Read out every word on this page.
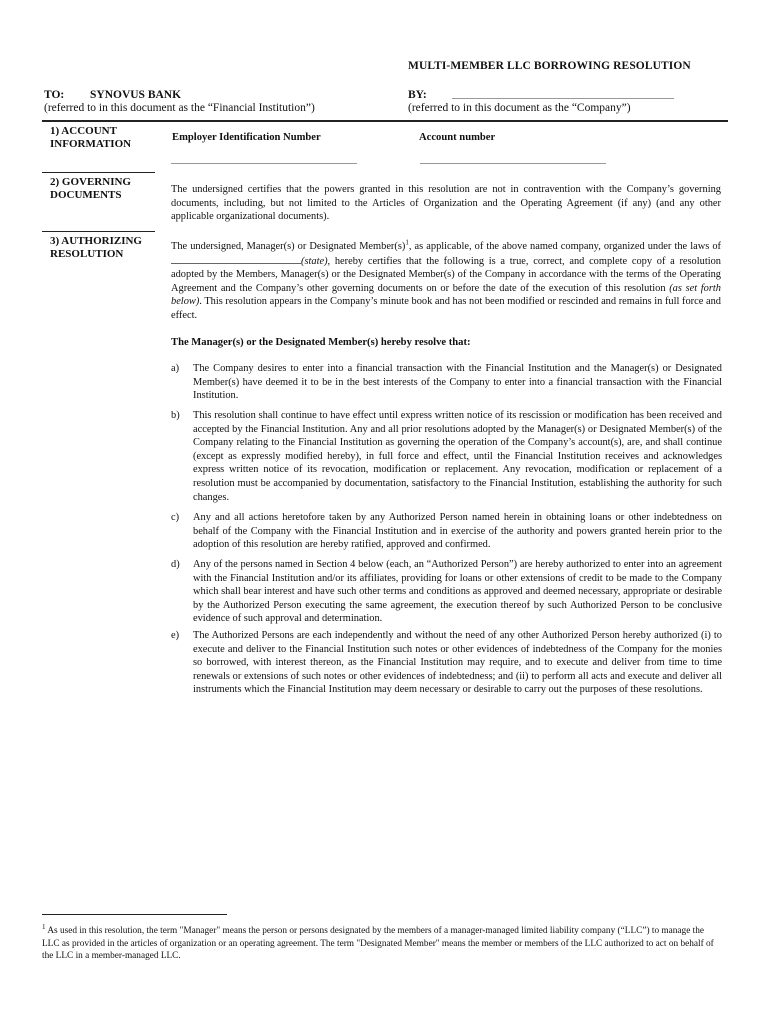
MULTI-MEMBER LLC BORROWING RESOLUTION
TO: SYNOVUS BANK
(referred to in this document as the “Financial Institution”)
BY:
(referred to in this document as the “Company”)
1) ACCOUNT
INFORMATION
Employer Identification Number	Account number
2) GOVERNING
DOCUMENTS	The undersigned certifies that the powers granted in this resolution are not in contravention with the Company’s governing documents, including, but not limited to the Articles of Organization and the Operating Agreement (if any) (and any other applicable organizational documents).
3) AUTHORIZING
RESOLUTION
The undersigned, Manager(s) or Designated $Member(s)^1$, as applicable, of the above named company, organized under the laws of (state), hereby certifies that the following is a true, correct, and complete copy of a resolution adopted by the Members, Manager(s) or the Designated Member(s) of the Company in accordance with the terms of the Operating Agreement and the Company’s other governing documents on or before the date of the execution of this resolution (as set forth below). This resolution appears in the Company’s minute book and has not been modified or rescinded and remains in full force and effect.
The Manager(s) or the Designated Member(s) hereby resolve that:
a)	The Company desires to enter into a financial transaction with the Financial Institution and the Manager(s) or Designated Member(s) have deemed it to be in the best interests of the Company to enter into a financial transaction with the Financial Institution.
b)	This resolution shall continue to have effect until express written notice of its rescission or modification has been received and accepted by the Financial Institution. Any and all prior resolutions adopted by the Manager(s) or Designated Member(s) of the Company relating to the Financial Institution as governing the operation of the Company’s account(s), are, and shall continue (except as expressly modified hereby), in full force and effect, until the Financial Institution receives and acknowledges express written notice of its revocation, modification or replacement. Any revocation, modification or replacement of a resolution must be accompanied by documentation, satisfactory to the Financial Institution, establishing the authority for such changes.
c)	Any and all actions heretofore taken by any Authorized Person named herein in obtaining loans or other indebtedness on behalf of the Company with the Financial Institution and in exercise of the authority and powers granted herein prior to the adoption of this resolution are hereby ratified, approved and confirmed.
d)	Any of the persons named in Section 4 below (each, an “Authorized Person”) are hereby authorized to enter into an agreement with the Financial Institution and/or its affiliates, providing for loans or other extensions of credit to be made to the Company which shall bear interest and have such other terms and conditions as approved and deemed necessary, appropriate or desirable by the Authorized Person executing the same agreement, the execution thereof by such Authorized Person to be conclusive evidence of such approval and determination.
e)	The Authorized Persons are each independently and without the need of any other Authorized Person hereby authorized (i) to execute and deliver to the Financial Institution such notes or other evidences of indebtedness of the Company for the monies so borrowed, with interest thereon, as the Financial Institution may require, and to execute and deliver from time to time renewals or extensions of such notes or other evidences of indebtedness; and (ii) to perform all acts and execute and deliver all instruments which the Financial Institution may deem necessary or desirable to carry out the purposes of these resolutions.
$^1$ As used in this resolution, the term "Manager" means the person or persons designated by the members of a manager-managed limited liability company (“LLC”) to manage the LLC as provided in the articles of organization or an operating agreement. The term "Designated Member" means the member or members of the LLC authorized to act on behalf of the LLC in a member-managed LLC.
